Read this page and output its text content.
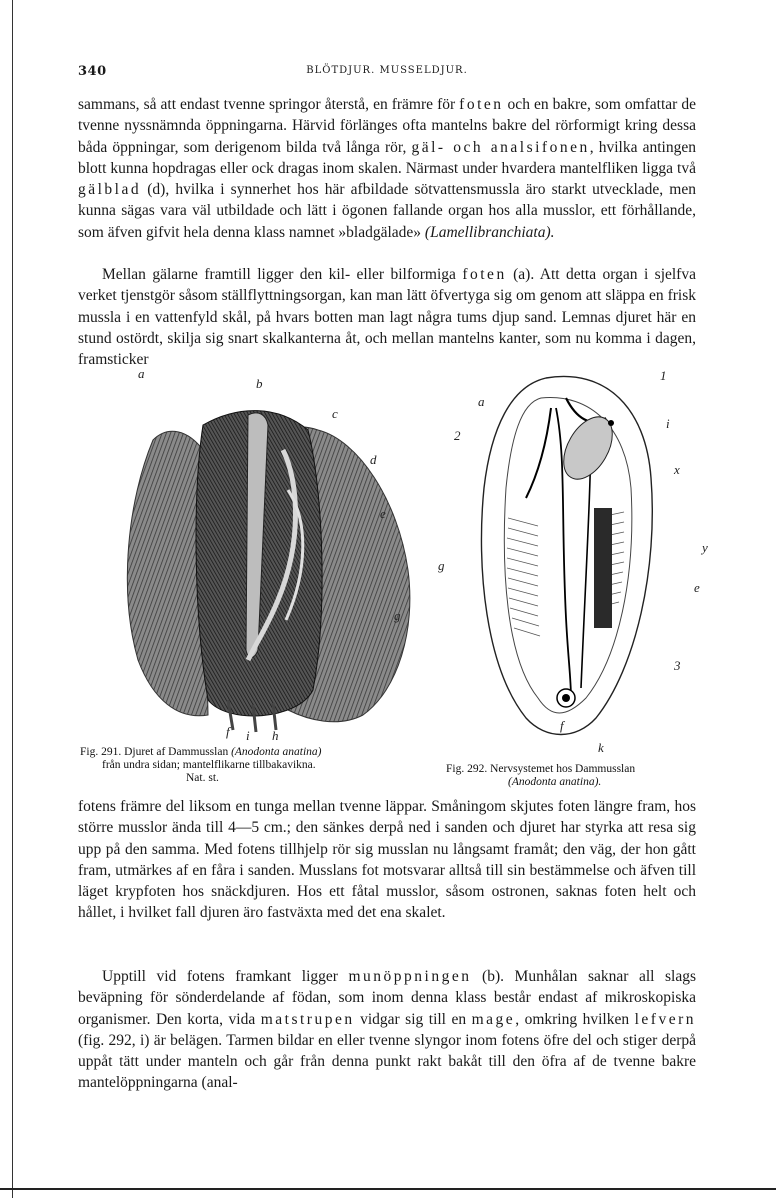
340	BLÖTDJUR. MUSSELDJUR.

sammans, så att endast tvenne springor återstå, en främre för foten och en bakre, som omfattar de tvenne nyssnämnda öppningarna. Härvid förlänges ofta mantelns bakre del rörformigt kring dessa båda öppningar, som derigenom bilda två långa rör, gäl- och analsifonen, hvilka antingen blott kunna hopdragas eller ock dragas inom skalen. Närmast under hvardera mantelfliken ligga två gälblad (d), hvilka i synnerhet hos här afbildade sötvattensmussla äro starkt utvecklade, men kunna sägas vara väl utbildade och lätt i ögonen fallande organ hos alla musslor, ett förhållande, som äfven gifvit hela denna klass namnet »bladgälade» (Lamellibranchiata).

Mellan gälarne framtill ligger den kil- eller bilformiga foten (a). Att detta organ i sjelfva verket tjenstgör såsom ställflyttningsorgan, kan man lätt öfvertyga sig om genom att släppa en frisk mussla i en vattenfyld skål, på hvars botten man lagt några tums djup sand. Lemnas djuret här en stund ostördt, skilja sig snart skalkanterna åt, och mellan mantelns kanter, som nu komma i dagen, framsticker

a
b
c
d
e
g
f i h
a
1
2
i
x
y
g
e
3
f
k
Fig. 291. Djuret af Dammusslan (Anodonta anatina)
från undra sidan; mantelflikarne tillbakavikna.
Nat. st.
Fig. 292. Nervsystemet hos Dammusslan
(Anodonta anatina).

fotens främre del liksom en tunga mellan tvenne läppar. Småningom skjutes foten längre fram, hos större musslor ända till 4—5 cm.; den sänkes derpå ned i sanden och djuret har styrka att resa sig upp på den samma. Med fotens tillhjelp rör sig musslan nu långsamt framåt; den väg, der hon gått fram, utmärkes af en fåra i sanden. Musslans fot motsvarar alltså till sin bestämmelse och äfven till läget krypfoten hos snäckdjuren. Hos ett fåtal musslor, såsom ostronen, saknas foten helt och hållet, i hvilket fall djuren äro fastväxta med det ena skalet.

Upptill vid fotens framkant ligger munöppningen (b). Munhålan saknar all slags beväpning för sönderdelande af födan, som inom denna klass består endast af mikroskopiska organismer. Den korta, vida matstrupen vidgar sig till en mage, omkring hvilken lefvern (fig. 292, i) är belägen. Tarmen bildar en eller tvenne slyngor inom fotens öfre del och stiger derpå uppåt tätt under manteln och går från denna punkt rakt bakåt till den öfra af de tvenne bakre mantelöppningarna (anal-
